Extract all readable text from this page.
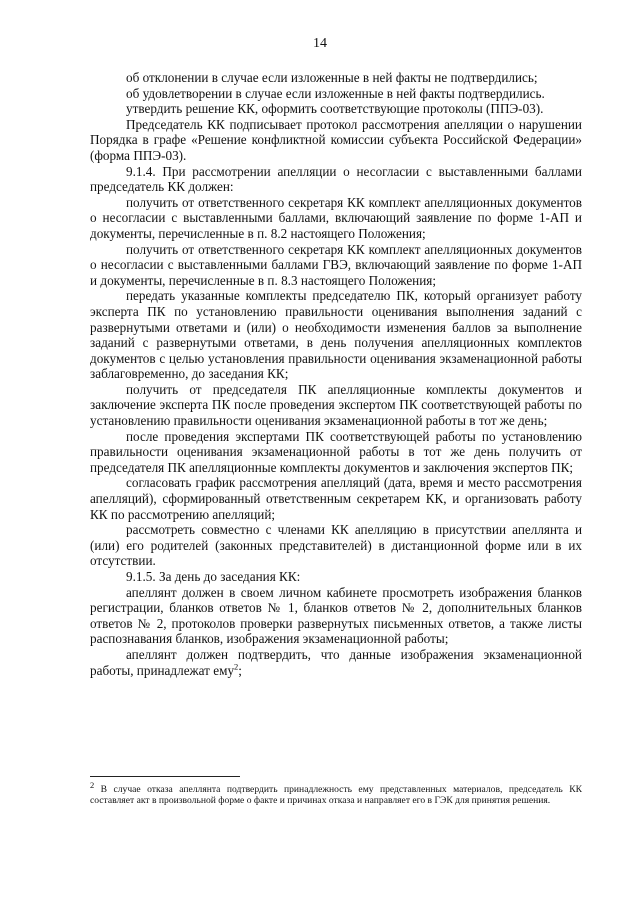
14

об отклонении в случае если изложенные в ней факты не подтвердились;

об удовлетворении в случае если изложенные в ней факты подтвердились.

утвердить решение КК, оформить соответствующие протоколы (ППЭ-03).

Председатель КК подписывает протокол рассмотрения апелляции о нарушении Порядка в графе «Решение конфликтной комиссии субъекта Российской Федерации» (форма ППЭ-03).

9.1.4. При рассмотрении апелляции о несогласии с выставленными баллами председатель КК должен:

получить от ответственного секретаря КК комплект апелляционных документов о несогласии с выставленными баллами, включающий заявление по форме 1-АП и документы, перечисленные в п. 8.2 настоящего Положения;

получить от ответственного секретаря КК комплект апелляционных документов о несогласии с выставленными баллами ГВЭ, включающий заявление по форме 1-АП и документы, перечисленные в п. 8.3 настоящего Положения;

передать указанные комплекты председателю ПК, который организует работу эксперта ПК по установлению правильности оценивания выполнения заданий с развернутыми ответами и (или) о необходимости изменения баллов за выполнение заданий с развернутыми ответами, в день получения апелляционных комплектов документов с целью установления правильности оценивания экзаменационной работы заблаговременно, до заседания КК;

получить от председателя ПК апелляционные комплекты документов и заключение эксперта ПК после проведения экспертом ПК соответствующей работы по установлению правильности оценивания экзаменационной работы в тот же день;

после проведения экспертами ПК соответствующей работы по установлению правильности оценивания экзаменационной работы в тот же день получить от председателя ПК апелляционные комплекты документов и заключения экспертов ПК;

согласовать график рассмотрения апелляций (дата, время и место рассмотрения апелляций), сформированный ответственным секретарем КК, и организовать работу КК по рассмотрению апелляций;

рассмотреть совместно с членами КК апелляцию в присутствии апеллянта и (или) его родителей (законных представителей) в дистанционной форме или в их отсутствии.

9.1.5. За день до заседания КК:

апеллянт должен в своем личном кабинете просмотреть изображения бланков регистрации, бланков ответов № 1, бланков ответов № 2, дополнительных бланков ответов № 2, протоколов проверки развернутых письменных ответов, а также листы распознавания бланков, изображения экзаменационной работы;

апеллянт должен подтвердить, что данные изображения экзаменационной работы, принадлежат ему$^2$;

$^2$ В случае отказа апеллянта подтвердить принадлежность ему представленных материалов, председатель КК составляет акт в произвольной форме о факте и причинах отказа и направляет его в ГЭК для принятия решения.
